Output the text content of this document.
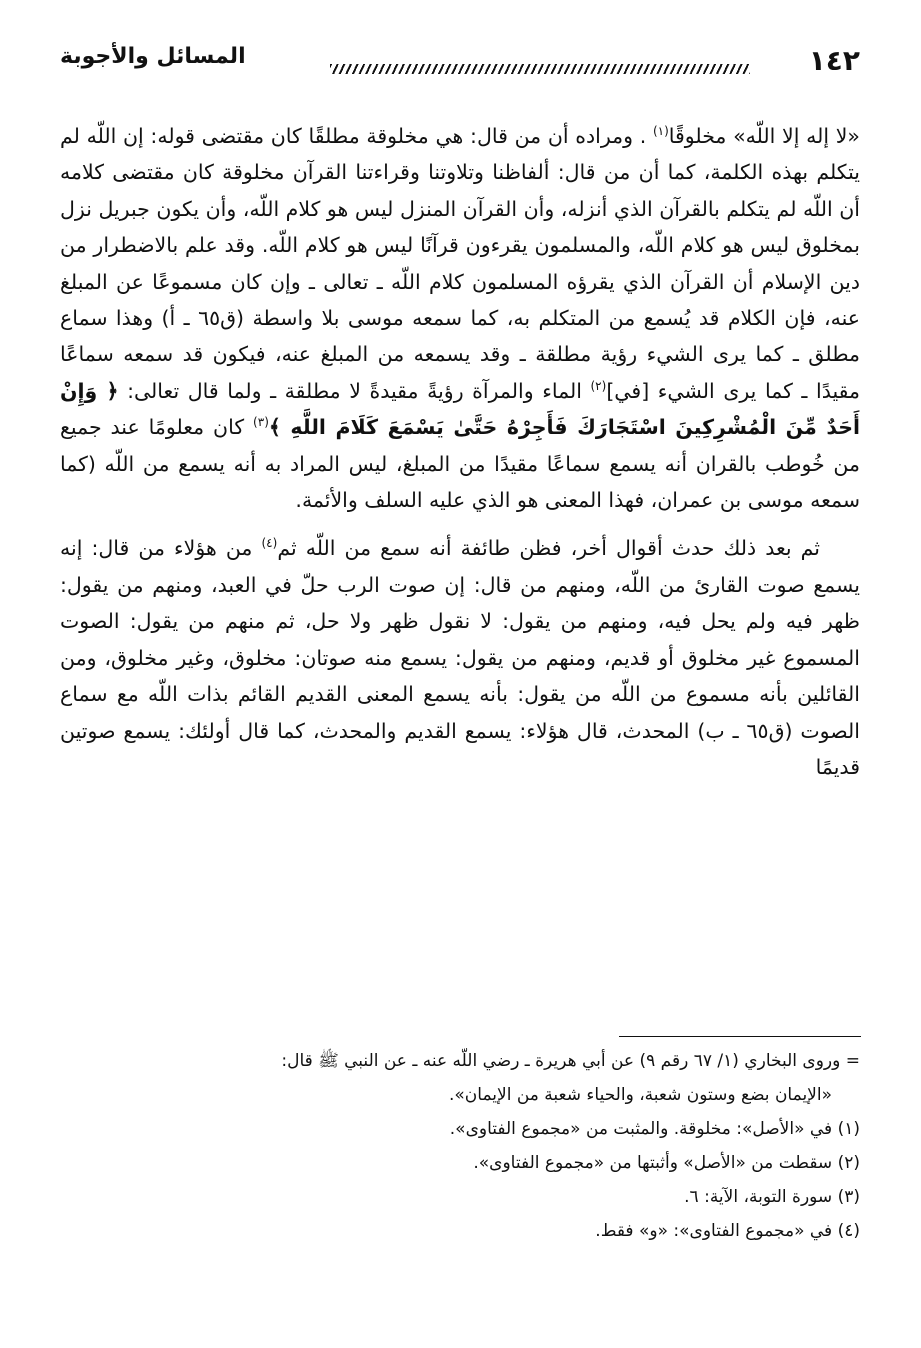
١٤٢
المسائل والأجوبة

«لا إله إلا اللّه» مخلوقًا$^{(١)}$ . ومراده أن من قال: هي مخلوقة مطلقًا كان مقتضى قوله: إن اللّه لم يتكلم بهذه الكلمة، كما أن من قال: ألفاظنا وتلاوتنا وقراءتنا القرآن مخلوقة كان مقتضى كلامه أن اللّه لم يتكلم بالقرآن الذي أنزله، وأن القرآن المنزل ليس هو كلام اللّه، وأن يكون جبريل نزل بمخلوق ليس هو كلام اللّه، والمسلمون يقرءون قرآنًا ليس هو كلام اللّه. وقد علم بالاضطرار من دين الإسلام أن القرآن الذي يقرؤه المسلمون كلام اللّه ـ تعالى ـ وإن كان مسموعًا عن المبلغ عنه، فإن الكلام قد يُسمع من المتكلم به، كما سمعه موسى بلا واسطة (ق٦٥ ـ أ) وهذا سماع مطلق ـ كما يرى الشيء رؤية مطلقة ـ وقد يسمعه من المبلغ عنه، فيكون قد سمعه سماعًا مقيدًا ـ كما يرى الشيء [في]$^{(٢)}$ الماء والمرآة رؤيةً مقيدةً لا مطلقة ـ ولما قال تعالى: ﴿ وَإِنْ أَحَدٌ مِّنَ الْمُشْرِكِينَ اسْتَجَارَكَ فَأَجِرْهُ حَتَّىٰ يَسْمَعَ كَلَامَ اللَّهِ ﴾$^{(٣)}$ كان معلومًا عند جميع من خُوطب بالقران أنه يسمع سماعًا مقيدًا من المبلغ، ليس المراد به أنه يسمع من اللّه (كما سمعه موسى بن عمران، فهذا المعنى هو الذي عليه السلف والأئمة.

ثم بعد ذلك حدث أقوال أخر، فظن طائفة أنه سمع من اللّه ثم$^{(٤)}$ من هؤلاء من قال: إنه يسمع صوت القارئ من اللّه، ومنهم من قال: إن صوت الرب حلّ في العبد، ومنهم من يقول: ظهر فيه ولم يحل فيه، ومنهم من يقول: لا نقول ظهر ولا حل، ثم منهم من يقول: الصوت المسموع غير مخلوق أو قديم، ومنهم من يقول: يسمع منه صوتان: مخلوق، وغير مخلوق، ومن القائلين بأنه مسموع من اللّه من يقول: بأنه يسمع المعنى القديم القائم بذات اللّه مع سماع الصوت (ق٦٥ ـ ب) المحدث، قال هؤلاء: يسمع القديم والمحدث، كما قال أولئك: يسمع صوتين قديمًا

= وروى البخاري (١/ ٦٧ رقم ٩) عن أبي هريرة ـ رضي اللّه عنه ـ عن النبي ﷺ قال:
«الإيمان بضع وستون شعبة، والحياء شعبة من الإيمان».

(١) في «الأصل»: مخلوقة. والمثبت من «مجموع الفتاوى».

(٢) سقطت من «الأصل» وأثبتها من «مجموع الفتاوى».

(٣) سورة التوبة، الآية: ٦.

(٤) في «مجموع الفتاوى»: «و» فقط.
